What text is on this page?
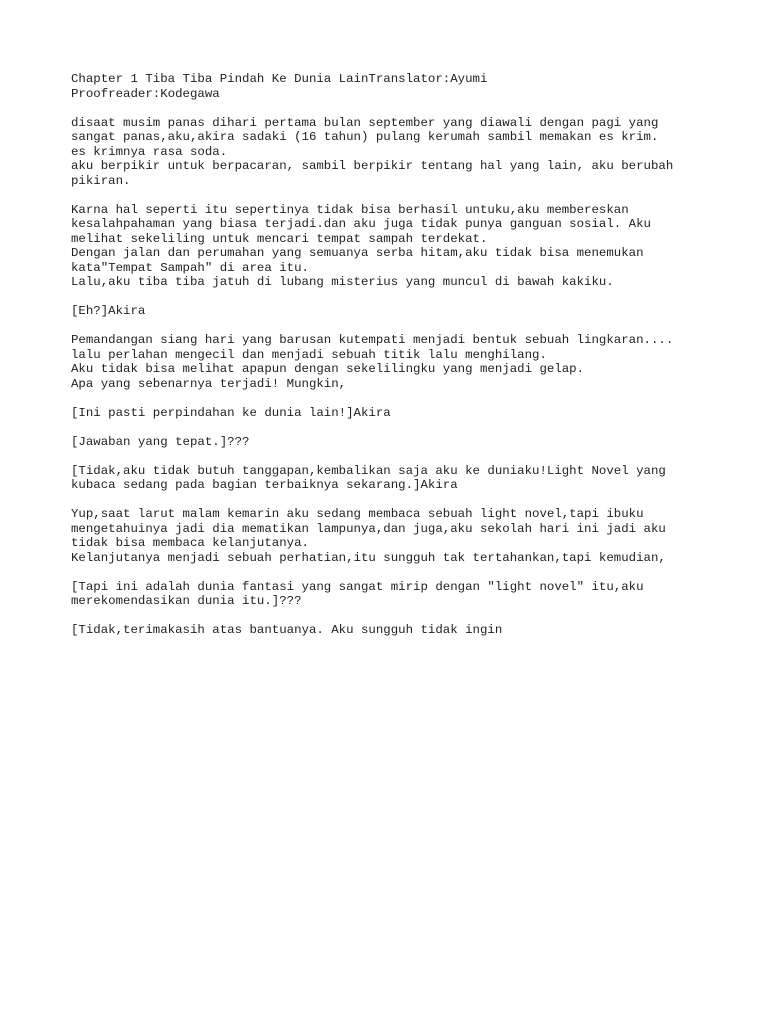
Chapter 1 Tiba Tiba Pindah Ke Dunia LainTranslator:Ayumi
Proofreader:Kodegawa
disaat musim panas dihari pertama bulan september yang diawali dengan pagi yang
sangat panas,aku,akira sadaki (16 tahun) pulang kerumah sambil memakan es krim.
es krimnya rasa soda.
aku berpikir untuk berpacaran, sambil berpikir tentang hal yang lain, aku berubah
pikiran.
Karna hal seperti itu sepertinya tidak bisa berhasil untuku,aku membereskan
kesalahpahaman yang biasa terjadi.dan aku juga tidak punya ganguan sosial. Aku
melihat sekeliling untuk mencari tempat sampah terdekat.
Dengan jalan dan perumahan yang semuanya serba hitam,aku tidak bisa menemukan
kata"Tempat Sampah" di area itu.
Lalu,aku tiba tiba jatuh di lubang misterius yang muncul di bawah kakiku.
[Eh?]Akira
Pemandangan siang hari yang barusan kutempati menjadi bentuk sebuah lingkaran....
lalu perlahan mengecil dan menjadi sebuah titik lalu menghilang.
Aku tidak bisa melihat apapun dengan sekelilingku yang menjadi gelap.
Apa yang sebenarnya terjadi! Mungkin,
[Ini pasti perpindahan ke dunia lain!]Akira
[Jawaban yang tepat.]???
[Tidak,aku tidak butuh tanggapan,kembalikan saja aku ke duniaku!Light Novel yang
kubaca sedang pada bagian terbaiknya sekarang.]Akira
Yup,saat larut malam kemarin aku sedang membaca sebuah light novel,tapi ibuku
mengetahuinya jadi dia mematikan lampunya,dan juga,aku sekolah hari ini jadi aku
tidak bisa membaca kelanjutanya.
Kelanjutanya menjadi sebuah perhatian,itu sungguh tak tertahankan,tapi kemudian,
[Tapi ini adalah dunia fantasi yang sangat mirip dengan "light novel" itu,aku
merekomendasikan dunia itu.]???
[Tidak,terimakasih atas bantuanya. Aku sungguh tidak ingin
